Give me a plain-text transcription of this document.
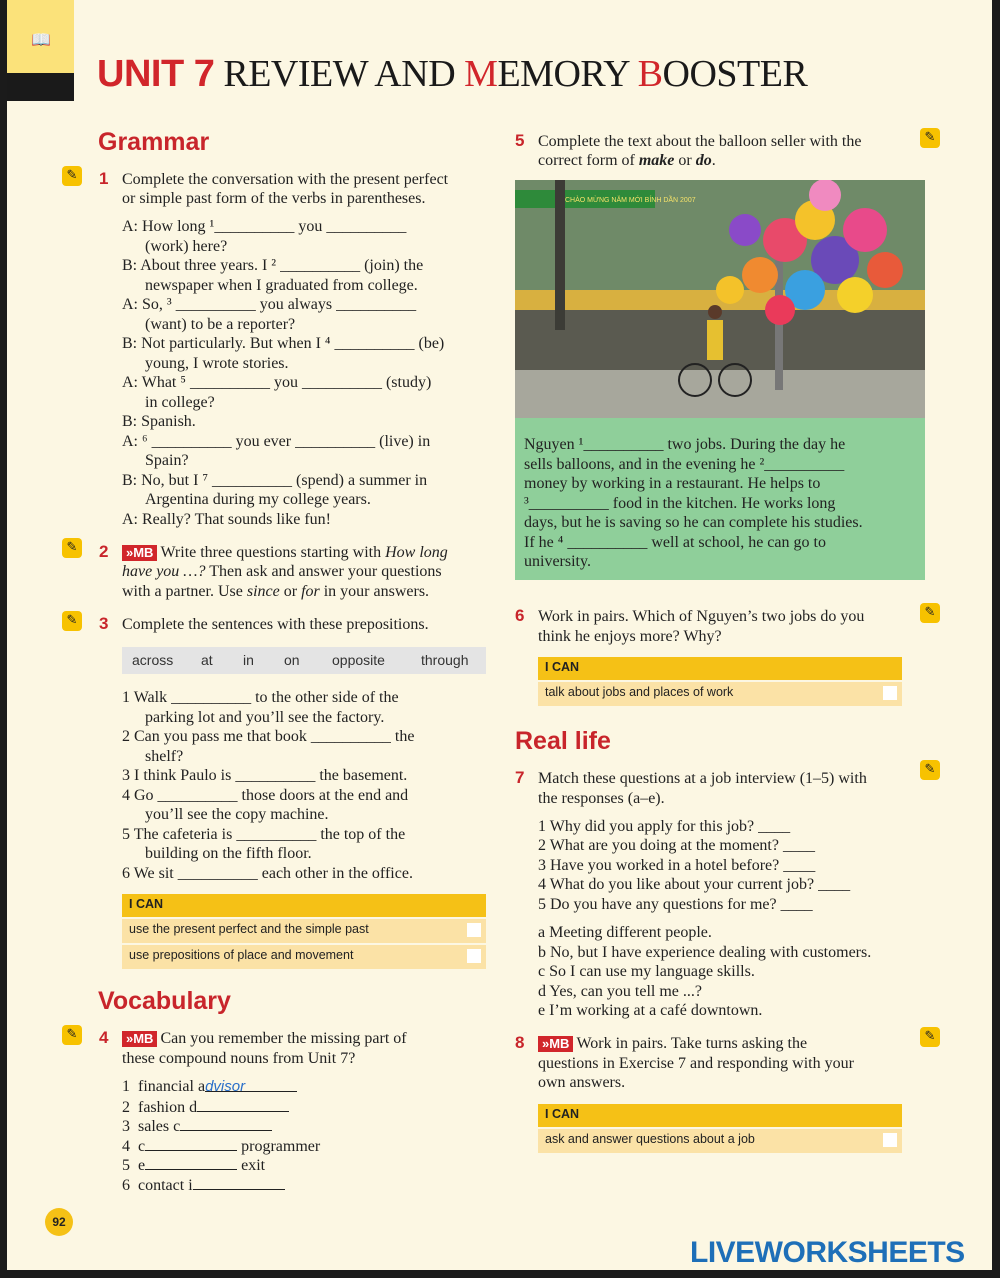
📖
UNIT 7 REVIEW AND MEMORY BOOSTER
Grammar
✎ 1 Complete the conversation with the present perfect
or simple past form of the verbs in parentheses.
A: How long ¹__________ you __________
(work) here?
B: About three years. I ² __________ (join) the
newspaper when I graduated from college.
A: So, ³ __________ you always __________
(want) to be a reporter?
B: Not particularly. But when I ⁴ __________ (be)
young, I wrote stories.
A: What ⁵ __________ you __________ (study)
in college?
B: Spanish.
A: ⁶ __________ you ever __________ (live) in
Spain?
B: No, but I ⁷ __________ (spend) a summer in
Argentina during my college years.
A: Really? That sounds like fun!
✎ 2	»MB Write three questions starting with How long
have you …? Then ask and answer your questions
with a partner. Use since or for in your answers.
✎ 3 Complete the sentences with these prepositions.
across at in on opposite	through
1 Walk __________ to the other side of the
parking lot and you’ll see the factory.
2 Can you pass me that book __________ the
shelf?
3 I think Paulo is __________ the basement.
4 Go __________ those doors at the end and
you’ll see the copy machine.
5 The cafeteria is __________ the top of the
building on the fifth floor.
6 We sit __________ each other in the office.
I CAN
use the present perfect and the simple past
use prepositions of place and movement
Vocabulary
✎ 4	»MB Can you remember the missing part of
these compound nouns from Unit 7?
1 financial advisor
2 fashion d
3 sales c
4 c	programmer
5 e	exit
6 contact i
5 Complete the text about the balloon seller with the
correct form of make or do.
✎
CHÀO MỪNG NĂM MỚI BÍNH DẦN 2007
Nguyen ¹__________ two jobs. During the day he
sells balloons, and in the evening he ²__________
money by working in a restaurant. He helps to
³__________ food in the kitchen. He works long
days, but he is saving so he can complete his studies.
If he ⁴ __________ well at school, he can go to
university.
6 Work in pairs. Which of Nguyen’s two jobs do you
think he enjoys more? Why?
✎
I CAN
talk about jobs and places of work
Real life
7 Match these questions at a job interview (1–5) with
the responses (a–e).
✎
1 Why did you apply for this job? ____
2 What are you doing at the moment? ____
3 Have you worked in a hotel before? ____
4 What do you like about your current job? ____
5 Do you have any questions for me? ____
a Meeting different people.
b No, but I have experience dealing with customers.
c So I can use my language skills.
d Yes, can you tell me ...?
e I’m working at a café downtown.
8	»MB Work in pairs. Take turns asking the
questions in Exercise 7 and responding with your
own answers.
✎
I CAN
ask and answer questions about a job
92
LIVEWORKSHEETS
